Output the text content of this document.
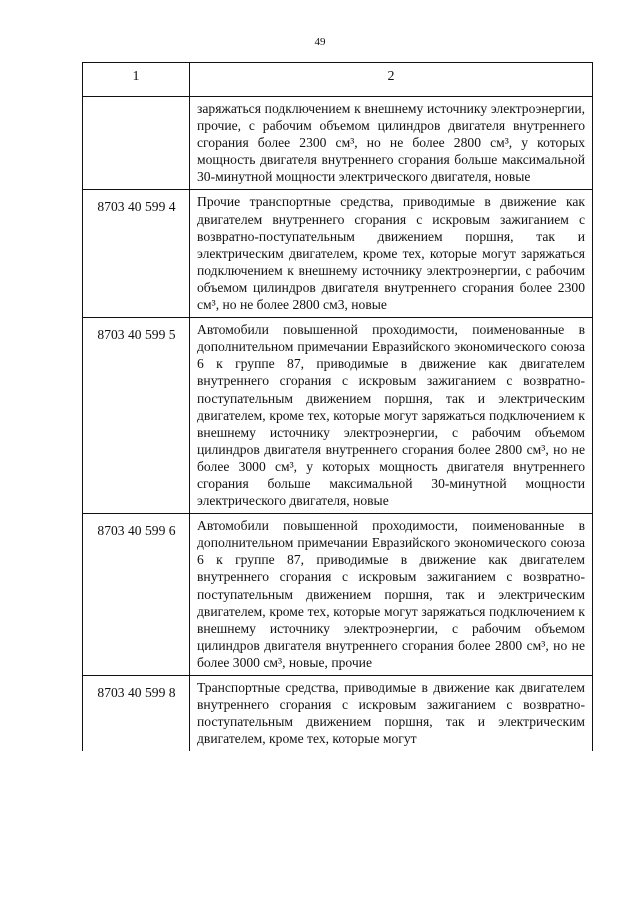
49
1	2
	заряжаться подключением к внешнему источнику электроэнергии, прочие, с рабочим объемом цилиндров двигателя внутреннего сгорания более 2300 см³, но не более 2800 см³, у которых мощность двигателя внутреннего сгорания больше максимальной 30-минутной мощности электрического двигателя, новые
8703 40 599 4	Прочие транспортные средства, приводимые в движение как двигателем внутреннего сгорания с искровым зажиганием с возвратно-поступательным движением поршня, так и электрическим двигателем, кроме тех, которые могут заряжаться подключением к внешнему источнику электроэнергии, с рабочим объемом цилиндров двигателя внутреннего сгорания более 2300 см³, но не более 2800 см3, новые
8703 40 599 5	Автомобили повышенной проходимости, поименованные в дополнительном примечании Евразийского экономического союза 6 к группе 87, приводимые в движение как двигателем внутреннего сгорания с искровым зажиганием с возвратно-поступательным движением поршня, так и электрическим двигателем, кроме тех, которые могут заряжаться подключением к внешнему источнику электроэнергии, с рабочим объемом цилиндров двигателя внутреннего сгорания более 2800 см³, но не более 3000 см³, у которых мощность двигателя внутреннего сгорания больше максимальной 30-минутной мощности электрического двигателя, новые
8703 40 599 6	Автомобили повышенной проходимости, поименованные в дополнительном примечании Евразийского экономического союза 6 к группе 87, приводимые в движение как двигателем внутреннего сгорания с искровым зажиганием с возвратно-поступательным движением поршня, так и электрическим двигателем, кроме тех, которые могут заряжаться подключением к внешнему источнику электроэнергии, с рабочим объемом цилиндров двигателя внутреннего сгорания более 2800 см³, но не более 3000 см³, новые, прочие
8703 40 599 8	Транспортные средства, приводимые в движение как двигателем внутреннего сгорания с искровым зажиганием с возвратно-поступательным движением поршня, так и электрическим двигателем, кроме тех, которые могут
